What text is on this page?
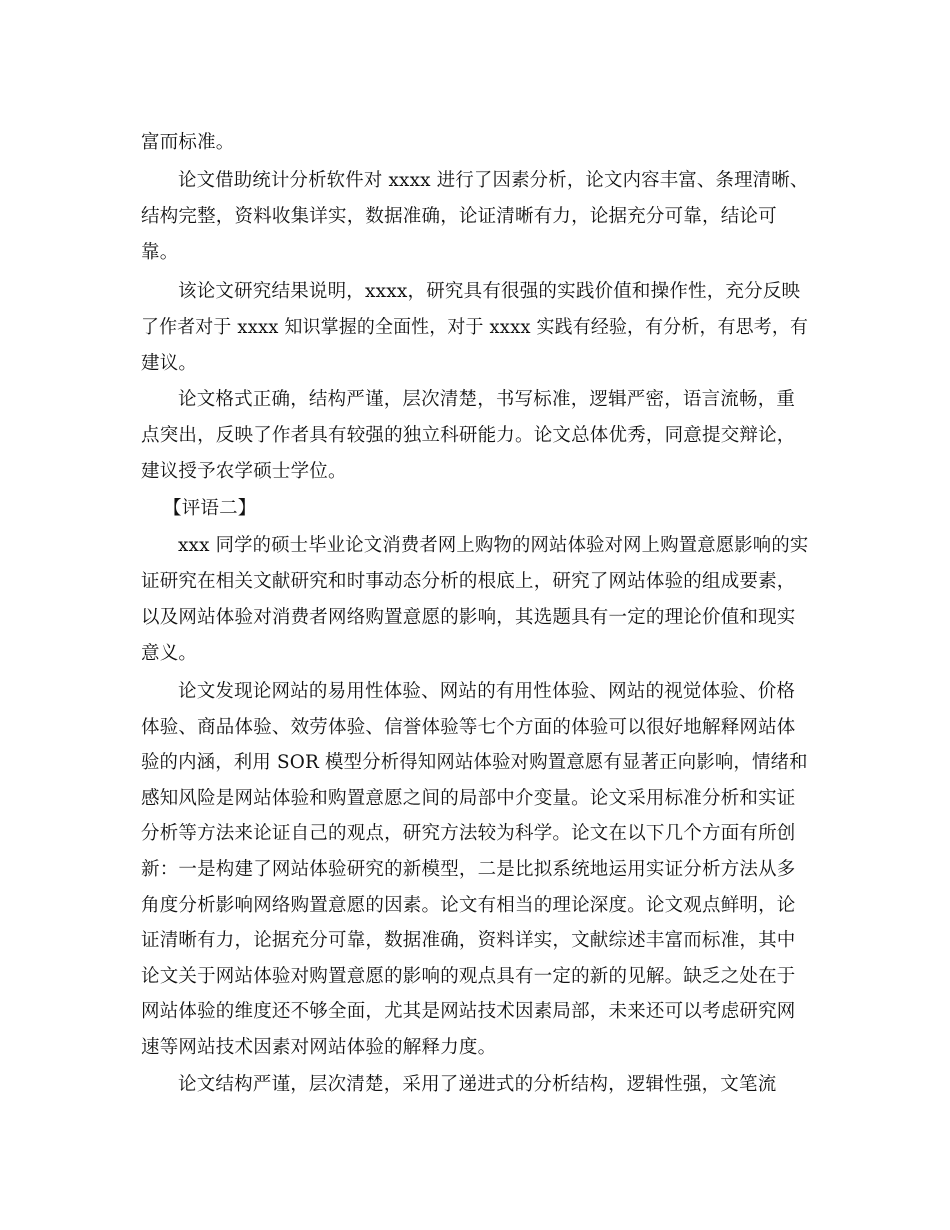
富而标准。
论文借助统计分析软件对 xxxx 进行了因素分析，论文内容丰富、条理清晰、
结构完整，资料收集详实，数据准确，论证清晰有力，论据充分可靠，结论可
靠。
该论文研究结果说明，xxxx，研究具有很强的实践价值和操作性，充分反映
了作者对于 xxxx 知识掌握的全面性，对于 xxxx 实践有经验，有分析，有思考，有
建议。
论文格式正确，结构严谨，层次清楚，书写标准，逻辑严密，语言流畅，重
点突出，反映了作者具有较强的独立科研能力。论文总体优秀，同意提交辩论，
建议授予农学硕士学位。
【评语二】
xxx 同学的硕士毕业论文消费者网上购物的网站体验对网上购置意愿影响的实
证研究在相关文献研究和时事动态分析的根底上，研究了网站体验的组成要素，
以及网站体验对消费者网络购置意愿的影响，其选题具有一定的理论价值和现实
意义。
论文发现论网站的易用性体验、网站的有用性体验、网站的视觉体验、价格
体验、商品体验、效劳体验、信誉体验等七个方面的体验可以很好地解释网站体
验的内涵，利用 SOR 模型分析得知网站体验对购置意愿有显著正向影响，情绪和
感知风险是网站体验和购置意愿之间的局部中介变量。论文采用标准分析和实证
分析等方法来论证自己的观点，研究方法较为科学。论文在以下几个方面有所创
新：一是构建了网站体验研究的新模型，二是比拟系统地运用实证分析方法从多
角度分析影响网络购置意愿的因素。论文有相当的理论深度。论文观点鲜明，论
证清晰有力，论据充分可靠，数据准确，资料详实，文献综述丰富而标准，其中
论文关于网站体验对购置意愿的影响的观点具有一定的新的见解。缺乏之处在于
网站体验的维度还不够全面，尤其是网站技术因素局部，未来还可以考虑研究网
速等网站技术因素对网站体验的解释力度。
论文结构严谨，层次清楚，采用了递进式的分析结构，逻辑性强，文笔流
